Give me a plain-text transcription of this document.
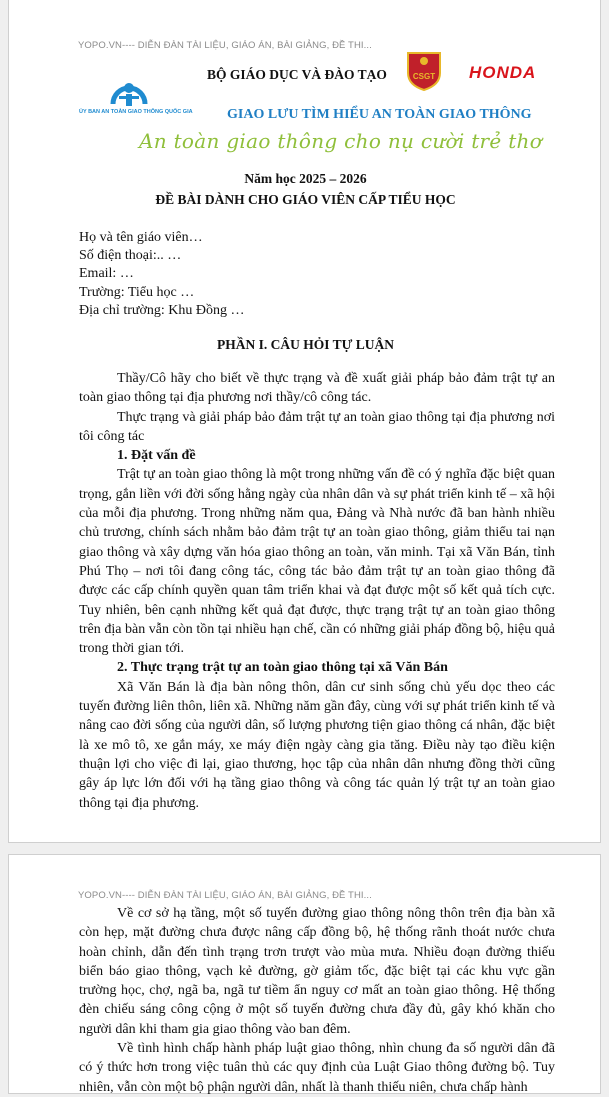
YOPO.VN---- DIỄN ĐÀN TÀI LIỆU, GIÁO ÁN, BÀI GIẢNG, ĐỀ THI...
ỦY BAN AN TOÀN GIAO THÔNG QUỐC GIA
BỘ GIÁO DỤC VÀ ĐÀO TẠO	CSGT HONDA
GIAO LƯU TÌM HIỂU AN TOÀN GIAO THÔNG
An toàn giao thông cho nụ cười trẻ thơ
Năm học 2025 – 2026
ĐỀ BÀI DÀNH CHO GIÁO VIÊN CẤP TIỂU HỌC
Họ và tên giáo viên…
Số điện thoại:.. …
Email: …
Trường: Tiểu học …
Địa chỉ trường: Khu Đồng …
PHẦN I. CÂU HỎI TỰ LUẬN

Thầy/Cô hãy cho biết về thực trạng và đề xuất giải pháp bảo đảm trật tự an toàn giao thông tại địa phương nơi thầy/cô công tác.

Thực trạng và giải pháp bảo đảm trật tự an toàn giao thông tại địa phương nơi tôi công tác

1. Đặt vấn đề

Trật tự an toàn giao thông là một trong những vấn đề có ý nghĩa đặc biệt quan trọng, gắn liền với đời sống hằng ngày của nhân dân và sự phát triển kinh tế – xã hội của mỗi địa phương. Trong những năm qua, Đảng và Nhà nước đã ban hành nhiều chủ trương, chính sách nhằm bảo đảm trật tự an toàn giao thông, giảm thiểu tai nạn giao thông và xây dựng văn hóa giao thông an toàn, văn minh. Tại xã Văn Bán, tỉnh Phú Thọ – nơi tôi đang công tác, công tác bảo đảm trật tự an toàn giao thông đã được các cấp chính quyền quan tâm triển khai và đạt được một số kết quả tích cực. Tuy nhiên, bên cạnh những kết quả đạt được, thực trạng trật tự an toàn giao thông trên địa bàn vẫn còn tồn tại nhiều hạn chế, cần có những giải pháp đồng bộ, hiệu quả trong thời gian tới.

2. Thực trạng trật tự an toàn giao thông tại xã Văn Bán

Xã Văn Bán là địa bàn nông thôn, dân cư sinh sống chủ yếu dọc theo các tuyến đường liên thôn, liên xã. Những năm gần đây, cùng với sự phát triển kinh tế và nâng cao đời sống của người dân, số lượng phương tiện giao thông cá nhân, đặc biệt là xe mô tô, xe gắn máy, xe máy điện ngày càng gia tăng. Điều này tạo điều kiện thuận lợi cho việc đi lại, giao thương, học tập của nhân dân nhưng đồng thời cũng gây áp lực lớn đối với hạ tầng giao thông và công tác quản lý trật tự an toàn giao thông tại địa phương.

YOPO.VN---- DIỄN ĐÀN TÀI LIỆU, GIÁO ÁN, BÀI GIẢNG, ĐỀ THI...

Về cơ sở hạ tầng, một số tuyến đường giao thông nông thôn trên địa bàn xã còn hẹp, mặt đường chưa được nâng cấp đồng bộ, hệ thống rãnh thoát nước chưa hoàn chỉnh, dẫn đến tình trạng trơn trượt vào mùa mưa. Nhiều đoạn đường thiếu biển báo giao thông, vạch kẻ đường, gờ giảm tốc, đặc biệt tại các khu vực gần trường học, chợ, ngã ba, ngã tư tiềm ẩn nguy cơ mất an toàn giao thông. Hệ thống đèn chiếu sáng công cộng ở một số tuyến đường chưa đầy đủ, gây khó khăn cho người dân khi tham gia giao thông vào ban đêm.

Về tình hình chấp hành pháp luật giao thông, nhìn chung đa số người dân đã có ý thức hơn trong việc tuân thủ các quy định của Luật Giao thông đường bộ. Tuy nhiên, vẫn còn một bộ phận người dân, nhất là thanh thiếu niên, chưa chấp hành
